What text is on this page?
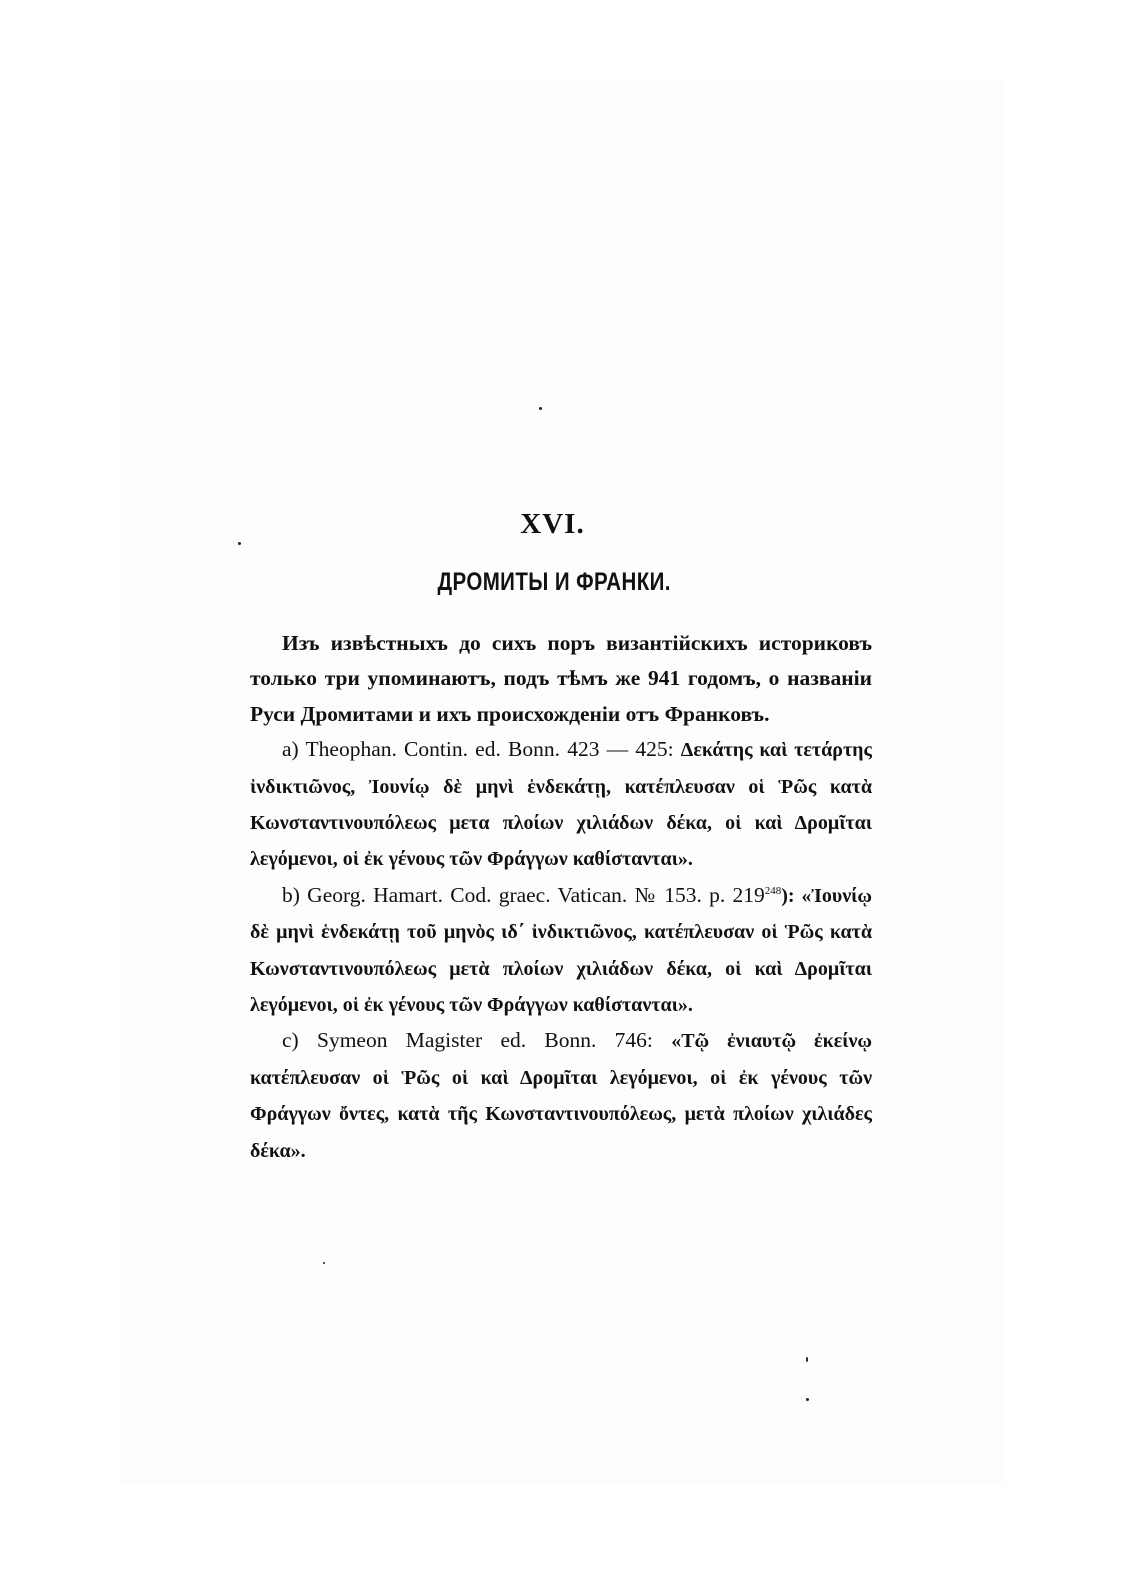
XVI.
ДРОМИТЫ И ФРАНКИ.

Изъ извѣстныхъ до сихъ поръ византійскихъ историковъ только три упоминаютъ, подъ тѣмъ же 941 годомъ, о названіи Руси Дромитами и ихъ происхожденіи отъ Франковъ.

a) Theophan. Contin. ed. Bonn. 423 — 425: Δεκάτης καὶ τετάρτης ἰνδικτιῶνος, Ἰουνίῳ δὲ μηνὶ ἑνδεκάτῃ, κατέπλευσαν οἱ Ῥῶς κατὰ Κωνσταντινουπόλεως μετα πλοίων χιλιάδων δέκα, οἱ καὶ Δρομῖται λεγόμενοι, οἱ ἐκ γένους τῶν Φράγγων καθίστανται».

b) Georg. Hamart. Cod. graec. Vatican. № 153. p. $219^{248}$): «Ἰουνίῳ δὲ μηνὶ ἑνδεκάτῃ τοῦ μηνὸς ιδ΄ ἰνδικτιῶνος, κατέπλευσαν οἱ Ῥῶς κατὰ Κωνσταντινουπόλεως μετὰ πλοίων χιλιάδων δέκα, οἱ καὶ Δρομῖται λεγόμενοι, οἱ ἐκ γένους τῶν Φράγγων καθίστανται».

c) Symeon Magister ed. Bonn. 746: «Τῷ ἐνιαυτῷ ἐκείνῳ κατέπλευσαν οἱ Ῥῶς οἱ καὶ Δρομῖται λεγόμενοι, οἱ ἐκ γένους τῶν Φράγγων ὄντες, κατὰ τῆς Κωνσταντινουπόλεως, μετὰ πλοίων χιλιάδες δέκα».
